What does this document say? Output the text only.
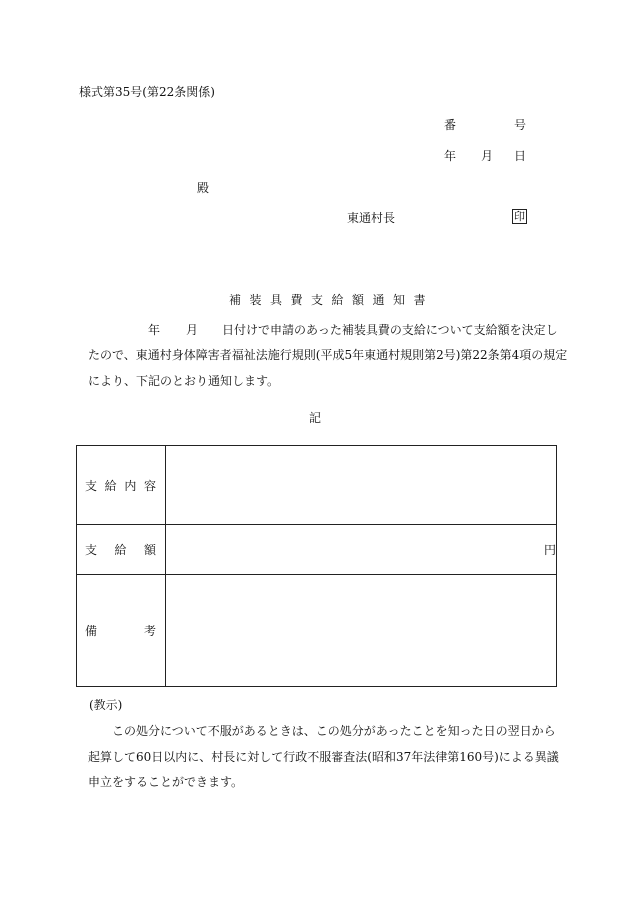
様式第35号(第22条関係)
番	号
年 月 日
殿
東通村長	印
補装具費支給額通知書
年 月 日付けで申請のあった補装具費の支給について支給額を決定し
たので、東通村身体障害者福祉法施行規則(平成5年東通村規則第2号)第22条第4項の規定
により、下記のとおり通知します。
記
支 給 内 容	

支 給 額	円

備 考	

(教示)
この処分について不服があるときは、この処分があったことを知った日の翌日から
起算して60日以内に、村長に対して行政不服審査法(昭和37年法律第160号)による異議
申立をすることができます。
